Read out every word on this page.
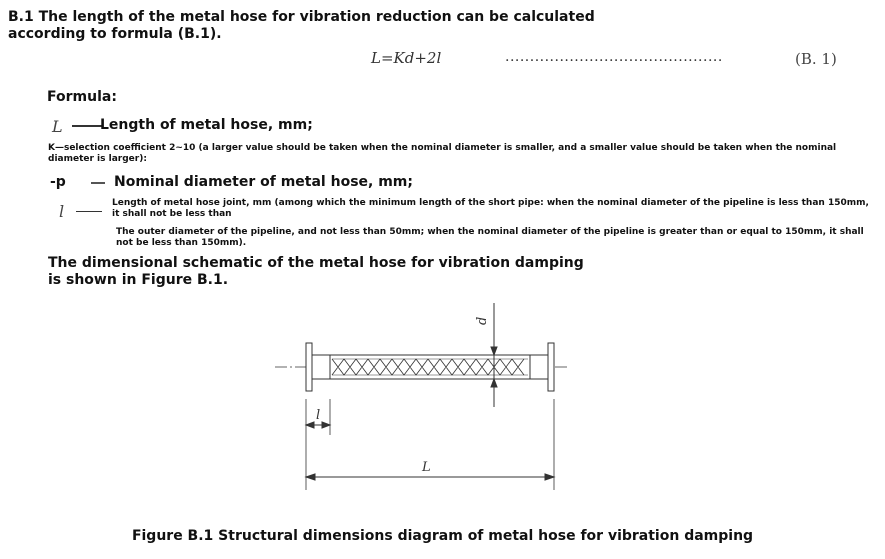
B.1 The length of the metal hose for vibration reduction can be calculated according to formula (B.1).
L=Kd+2l	............................................	(B. 1)
Formula:
L	Length of metal hose, mm;
K—selection coefficient 2~10 (a larger value should be taken when the nominal diameter is smaller, and a smaller value should be taken when the nominal diameter is larger):
-p	Nominal diameter of metal hose, mm;
l	Length of metal hose joint, mm (among which the minimum length of the short pipe: when the nominal diameter of the pipeline is less than 150mm, it shall not be less than
The outer diameter of the pipeline, and not less than 50mm; when the nominal diameter of the pipeline is greater than or equal to 150mm, it shall not be less than 150mm).
The dimensional schematic of the metal hose for vibration damping is shown in Figure B.1.
d
l
L
Figure B.1 Structural dimensions diagram of metal hose for vibration damping
